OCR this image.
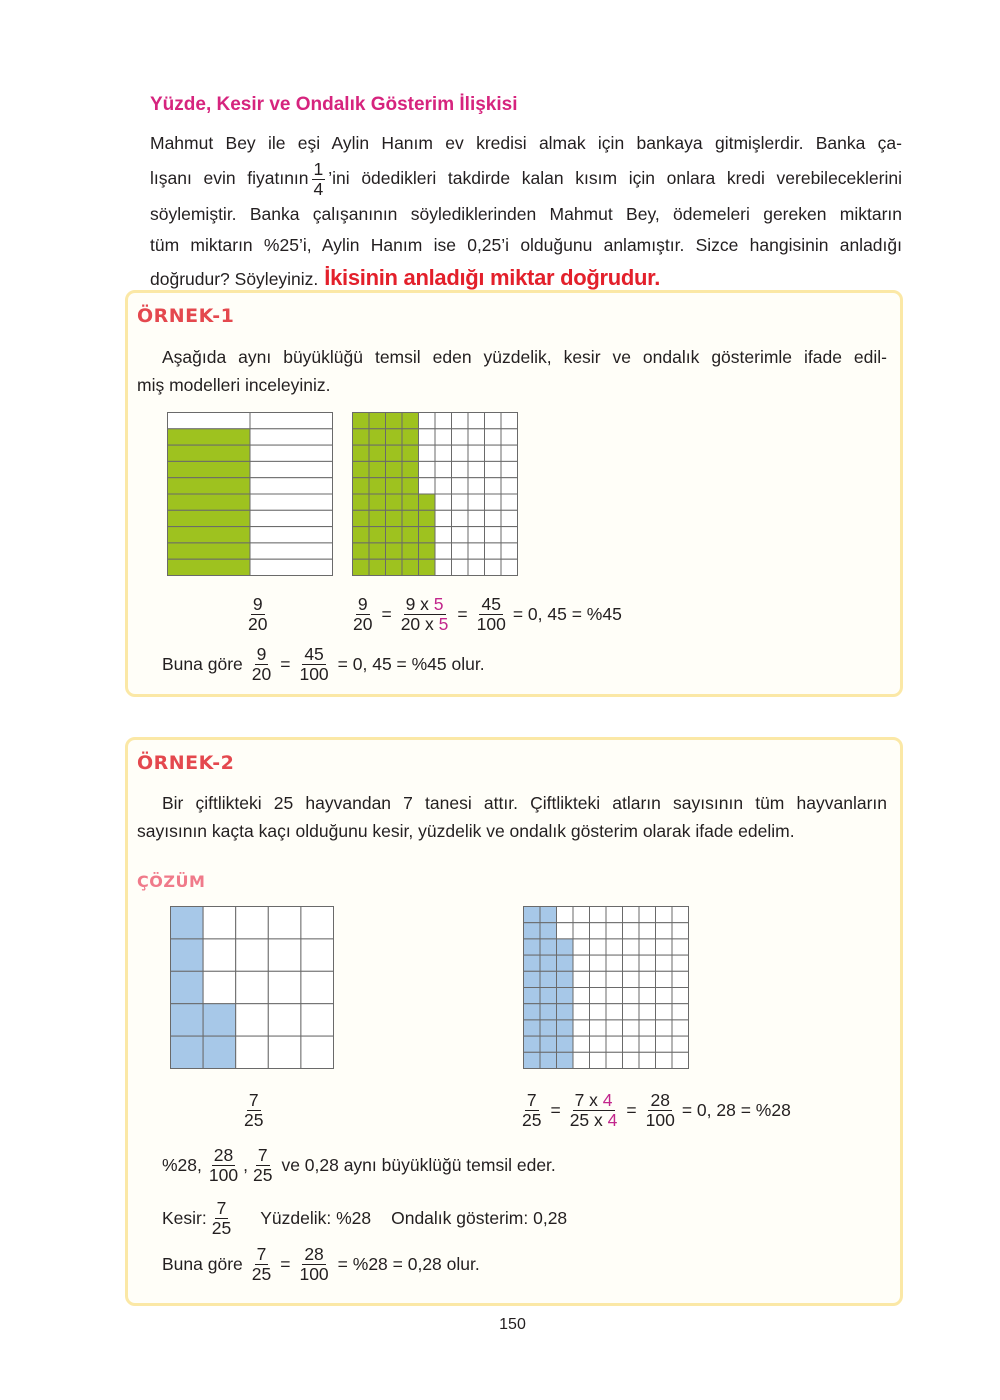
Yüzde, Kesir ve Ondalık Gösterim İlişkisi
Mahmut Bey ile eşi Aylin Hanım ev kredisi almak için bankaya gitmişlerdir. Banka ça-
lışanı evin fiyatının $\frac{1}{4}$ ’ini ödedikleri takdirde kalan kısım için onlara kredi verebileceklerini
söylemiştir. Banka çalışanının söylediklerinden Mahmut Bey, ödemeleri gereken miktarın
tüm miktarın %25’i, Aylin Hanım ise 0,25’i olduğunu anlamıştır. Sizce hangisinin anladığı
doğrudur? Söyleyiniz. İkisinin anladığı miktar doğrudur.
ÖRNEK-1
Aşağıda aynı büyüklüğü temsil eden yüzdelik, kesir ve ondalık gösterimle ifade edil-
miş modelleri inceleyiniz.
$\frac{9}{20}$	$\frac{9}{20} = \frac{9 x 5}{20 x 5} = \frac{45}{100} = 0$, 45 = %45
Buna göre $\frac{9}{20} = \frac{45}{100} = 0$, 45 = %45 olur.
ÖRNEK-2
Bir çiftlikteki 25 hayvandan 7 tanesi attır. Çiftlikteki atların sayısının tüm hayvanların
sayısının kaçta kaçı olduğunu kesir, yüzdelik ve ondalık gösterim olarak ifade edelim.
ÇÖZÜM
$\frac{7}{25}$	$\frac{7}{25} = \frac{7 x 4}{25 x 4} = \frac{28}{100} = 0$, 28 = %28
%28, $\frac{28}{100}$ , $\frac{7}{25}$ ve 0,28 aynı büyüklüğü temsil eder.
Kesir: $\frac{7}{25}$ Yüzdelik: %28 Ondalık gösterim: 0,28
Buna göre $\frac{7}{25} = \frac{28}{100} = \%28 = 0,28$ olur.
150
